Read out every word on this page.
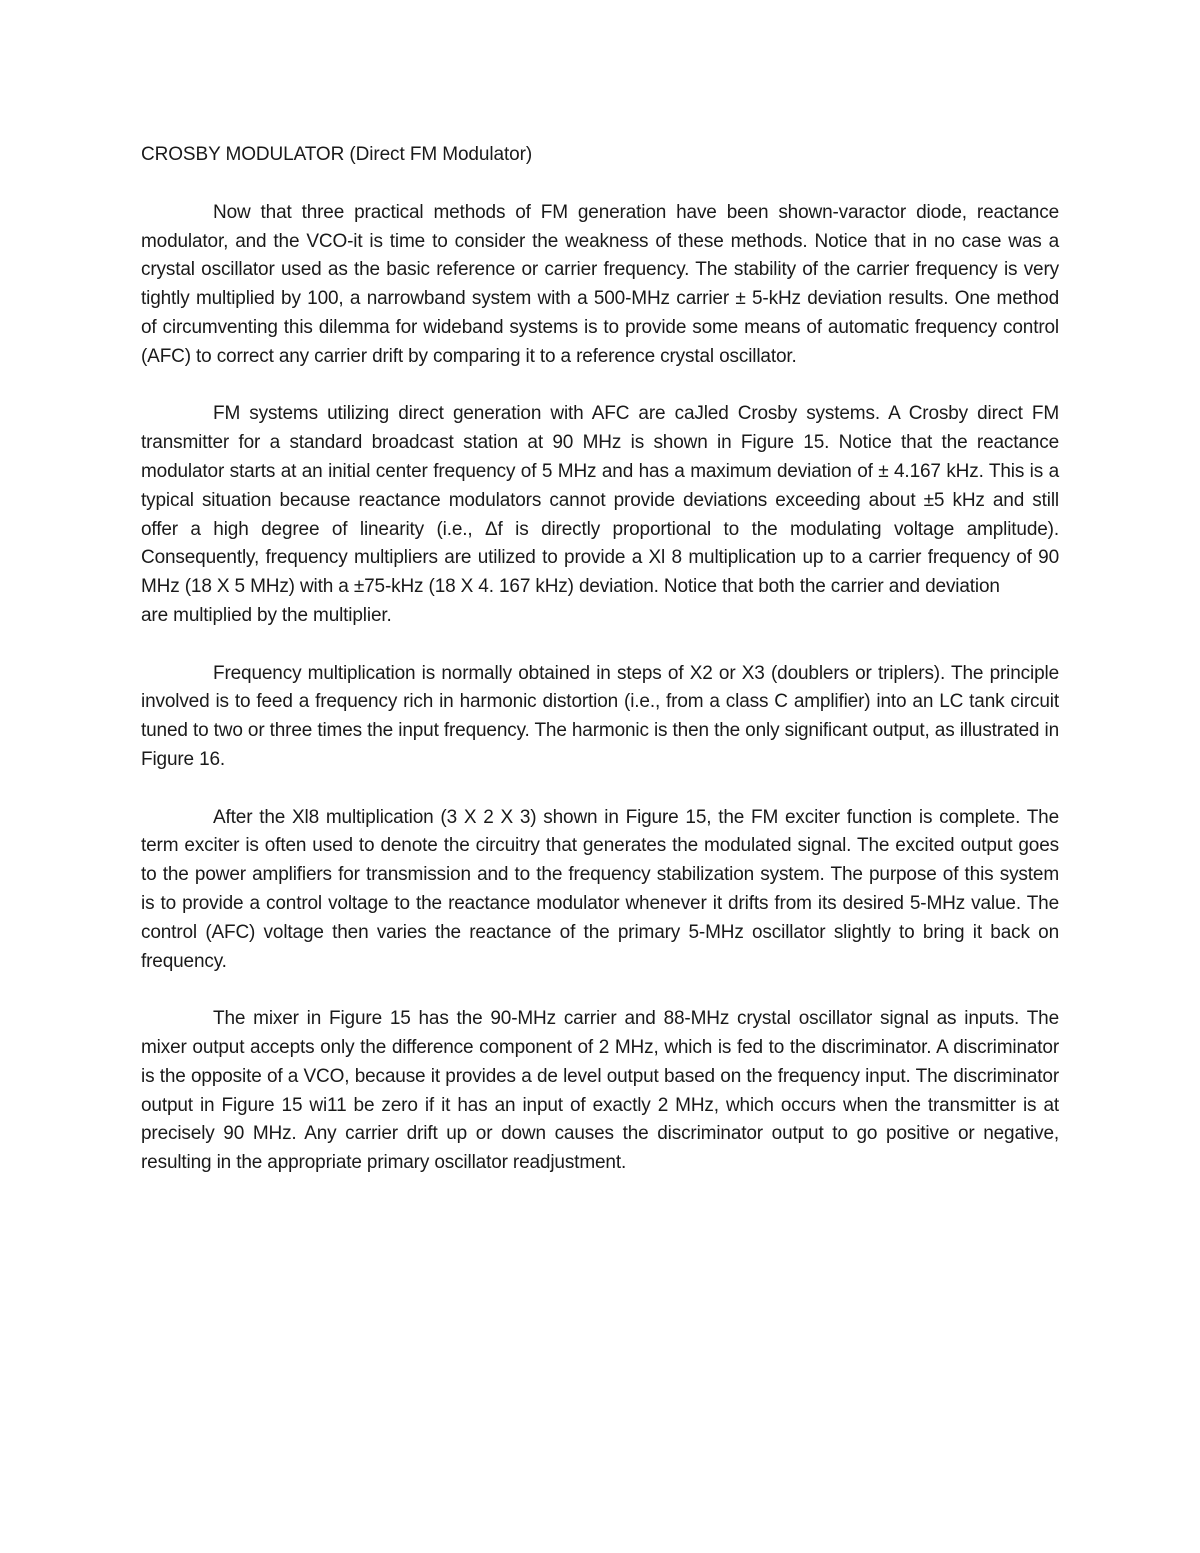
CROSBY MODULATOR (Direct FM Modulator)

Now that three practical methods of FM generation have been shown-varactor diode, reactance modulator, and the VCO-it is time to consider the weakness of these methods. Notice that in no case was a crystal oscillator used as the basic reference or carrier frequency. The stability of the carrier frequency is very tightly multiplied by 100, a narrowband system with a 500-MHz carrier ± 5-kHz deviation results. One method of circumventing this dilemma for wideband systems is to provide some means of automatic frequency control (AFC) to correct any carrier drift by comparing it to a reference crystal oscillator.

FM systems utilizing direct generation with AFC are caJled Crosby systems. A Crosby direct FM transmitter for a standard broadcast station at 90 MHz is shown in Figure 15. Notice that the reactance modulator starts at an initial center frequency of 5 MHz and has a maximum deviation of ± 4.167 kHz. This is a typical situation because reactance modulators cannot provide deviations exceeding about ±5 kHz and still offer a high degree of linearity (i.e., Δf is directly proportional to the modulating voltage amplitude). Consequently, frequency multipliers are utilized to provide a Xl 8 multiplication up to a carrier frequency of 90 MHz (18 X 5 MHz) with a ±75-kHz (18 X 4. 167 kHz) deviation. Notice that both the carrier and deviation

are multiplied by the multiplier.

Frequency multiplication is normally obtained in steps of X2 or X3 (doublers or triplers). The principle involved is to feed a frequency rich in harmonic distortion (i.e., from a class C amplifier) into an LC tank circuit tuned to two or three times the input frequency. The harmonic is then the only significant output, as illustrated in Figure 16.

After the Xl8 multiplication (3 X 2 X 3) shown in Figure 15, the FM exciter function is complete. The term exciter is often used to denote the circuitry that generates the modulated signal. The excited output goes to the power amplifiers for transmission and to the frequency stabilization system. The purpose of this system is to provide a control voltage to the reactance modulator whenever it drifts from its desired 5-MHz value. The control (AFC) voltage then varies the reactance of the primary 5-MHz oscillator slightly to bring it back on frequency.

The mixer in Figure 15 has the 90-MHz carrier and 88-MHz crystal oscillator signal as inputs. The mixer output accepts only the difference component of 2 MHz, which is fed to the discriminator. A discriminator is the opposite of a VCO, because it provides a de level output based on the frequency input. The discriminator output in Figure 15 wi11 be zero if it has an input of exactly 2 MHz, which occurs when the transmitter is at precisely 90 MHz. Any carrier drift up or down causes the discriminator output to go positive or negative, resulting in the appropriate primary oscillator readjustment.
